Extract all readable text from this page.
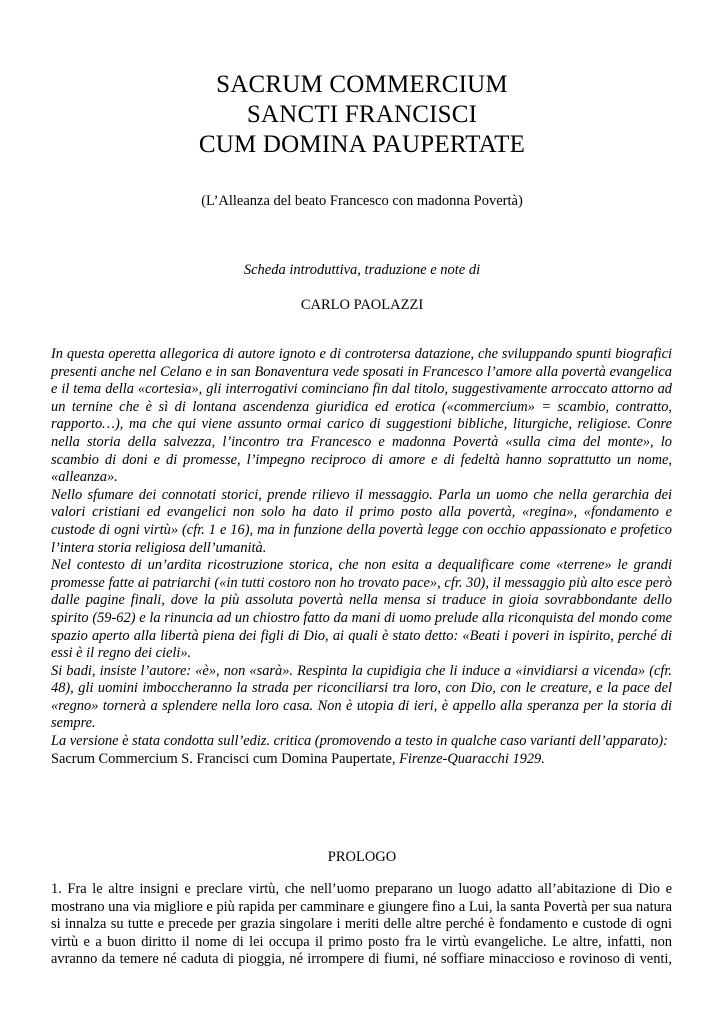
SACRUM COMMERCIUM
SANCTI FRANCISCI
CUM DOMINA PAUPERTATE
(L’Alleanza del beato Francesco con madonna Povertà)
Scheda introduttiva, traduzione e note di
CARLO PAOLAZZI

In questa operetta allegorica di autore ignoto e di controtersa datazione, che sviluppando spunti biografici presenti anche nel Celano e in san Bonaventura vede sposati in Francesco l’amore alla povertà evangelica e il tema della «cortesia», gli interrogativi cominciano fin dal titolo, suggestivamente arroccato attorno ad un ternine che è sì di lontana ascendenza giuridica ed erotica («commercium» = scambio, contratto, rapporto…), ma che qui viene assunto ormai carico di suggestioni bibliche, liturgiche, religiose. Conre nella storia della salvezza, l’incontro tra Francesco e madonna Povertà «sulla cima del monte», lo scambio di doni e di promesse, l’impegno reciproco di amore e di fedeltà hanno soprattutto un nome, «alleanza».

Nello sfumare dei connotati storici, prende rilievo il messaggio. Parla un uomo che nella gerarchia dei valori cristiani ed evangelici non solo ha dato il primo posto alla povertà, «regina», «fondamento e custode di ogni virtù» (cfr. 1 e 16), ma in funzione della povertà legge con occhio appassionato e profetico l’intera storia religiosa dell’umanità.

Nel contesto di un’ardita ricostruzione storica, che non esita a dequalificare come «terrene» le grandi promesse fatte ai patriarchi («in tutti costoro non ho trovato pace», cfr. 30), il messaggio più alto esce però dalle pagine finali, dove la più assoluta povertà nella mensa si traduce in gioia sovrabbondante dello spirito (59-62) e la rinuncia ad un chiostro fatto da mani di uomo prelude alla riconquista del mondo come spazio aperto alla libertà piena dei figli di Dio, ai quali è stato detto: «Beati i poveri in ispirito, perché di essi è il regno dei cieli».

Si badi, insiste l’autore: «è», non «sarà». Respinta la cupidigia che li induce a «invidiarsi a vicenda» (cfr. 48), gli uomini imboccheranno la strada per riconciliarsi tra loro, con Dio, con le creature, e la pace del «regno» tornerà a splendere nella loro casa. Non è utopia di ieri, è appello alla speranza per la storia di sempre.

La versione è stata condotta sull’ediz. critica (promovendo a testo in qualche caso varianti dell’apparato):
Sacrum Commercium S. Francisci cum Domina Paupertate, Firenze-Quaracchi 1929.
PROLOGO
1. Fra le altre insigni e preclare virtù, che nell’uomo preparano un luogo adatto all’abitazione di Dio e mostrano una via migliore e più rapida per camminare e giungere fino a Lui, la santa Povertà per sua natura si innalza su tutte e precede per grazia singolare i meriti delle altre perché è fondamento e custode di ogni virtù e a buon diritto il nome di lei occupa il primo posto fra le virtù evangeliche. Le altre, infatti, non avranno da temere né caduta di pioggia, né irrompere di fiumi, né soffiare minaccioso e rovinoso di venti,
